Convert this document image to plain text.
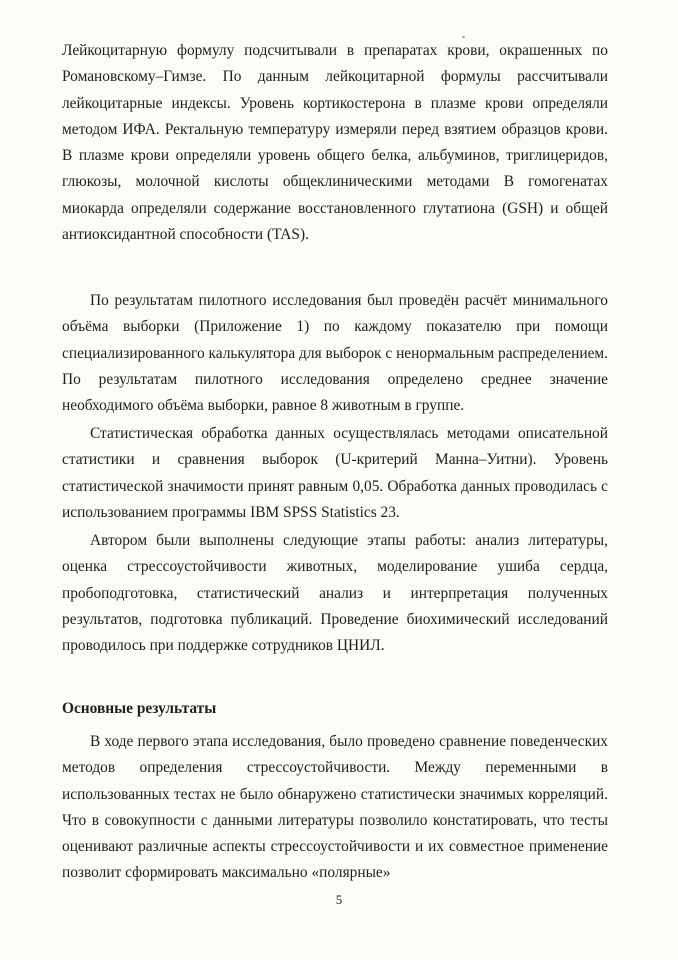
Лейкоцитарную формулу подсчитывали в препаратах крови, окрашенных по Романовскому–Гимзе. По данным лейкоцитарной формулы рассчитывали лейкоцитарные индексы. Уровень кортикостерона в плазме крови определяли методом ИФА. Ректальную температуру измеряли перед взятием образцов крови. В плазме крови определяли уровень общего белка, альбуминов, триглицеридов, глюкозы, молочной кислоты общеклиническими методами В гомогенатах миокарда определяли содержание восстановленного глутатиона (GSH) и общей антиоксидантной способности (TAS).

По результатам пилотного исследования был проведён расчёт минимального объёма выборки (Приложение 1) по каждому показателю при помощи специализированного калькулятора для выборок с ненормальным распределением. По результатам пилотного исследования определено среднее значение необходимого объёма выборки, равное 8 животным в группе.

Статистическая обработка данных осуществлялась методами описательной статистики и сравнения выборок (U-критерий Манна–Уитни). Уровень статистической значимости принят равным 0,05. Обработка данных проводилась с использованием программы IBM SPSS Statistics 23.

Автором были выполнены следующие этапы работы: анализ литературы, оценка стрессоустойчивости животных, моделирование ушиба сердца, пробоподготовка, статистический анализ и интерпретация полученных результатов, подготовка публикаций. Проведение биохимический исследований проводилось при поддержке сотрудников ЦНИЛ.

Основные результаты

В ходе первого этапа исследования, было проведено сравнение поведенческих методов определения стрессоустойчивости. Между переменными в использованных тестах не было обнаружено статистически значимых корреляций. Что в совокупности с данными литературы позволило констатировать, что тесты оценивают различные аспекты стрессоустойчивости и их совместное применение позволит сформировать максимально «полярные»

5
